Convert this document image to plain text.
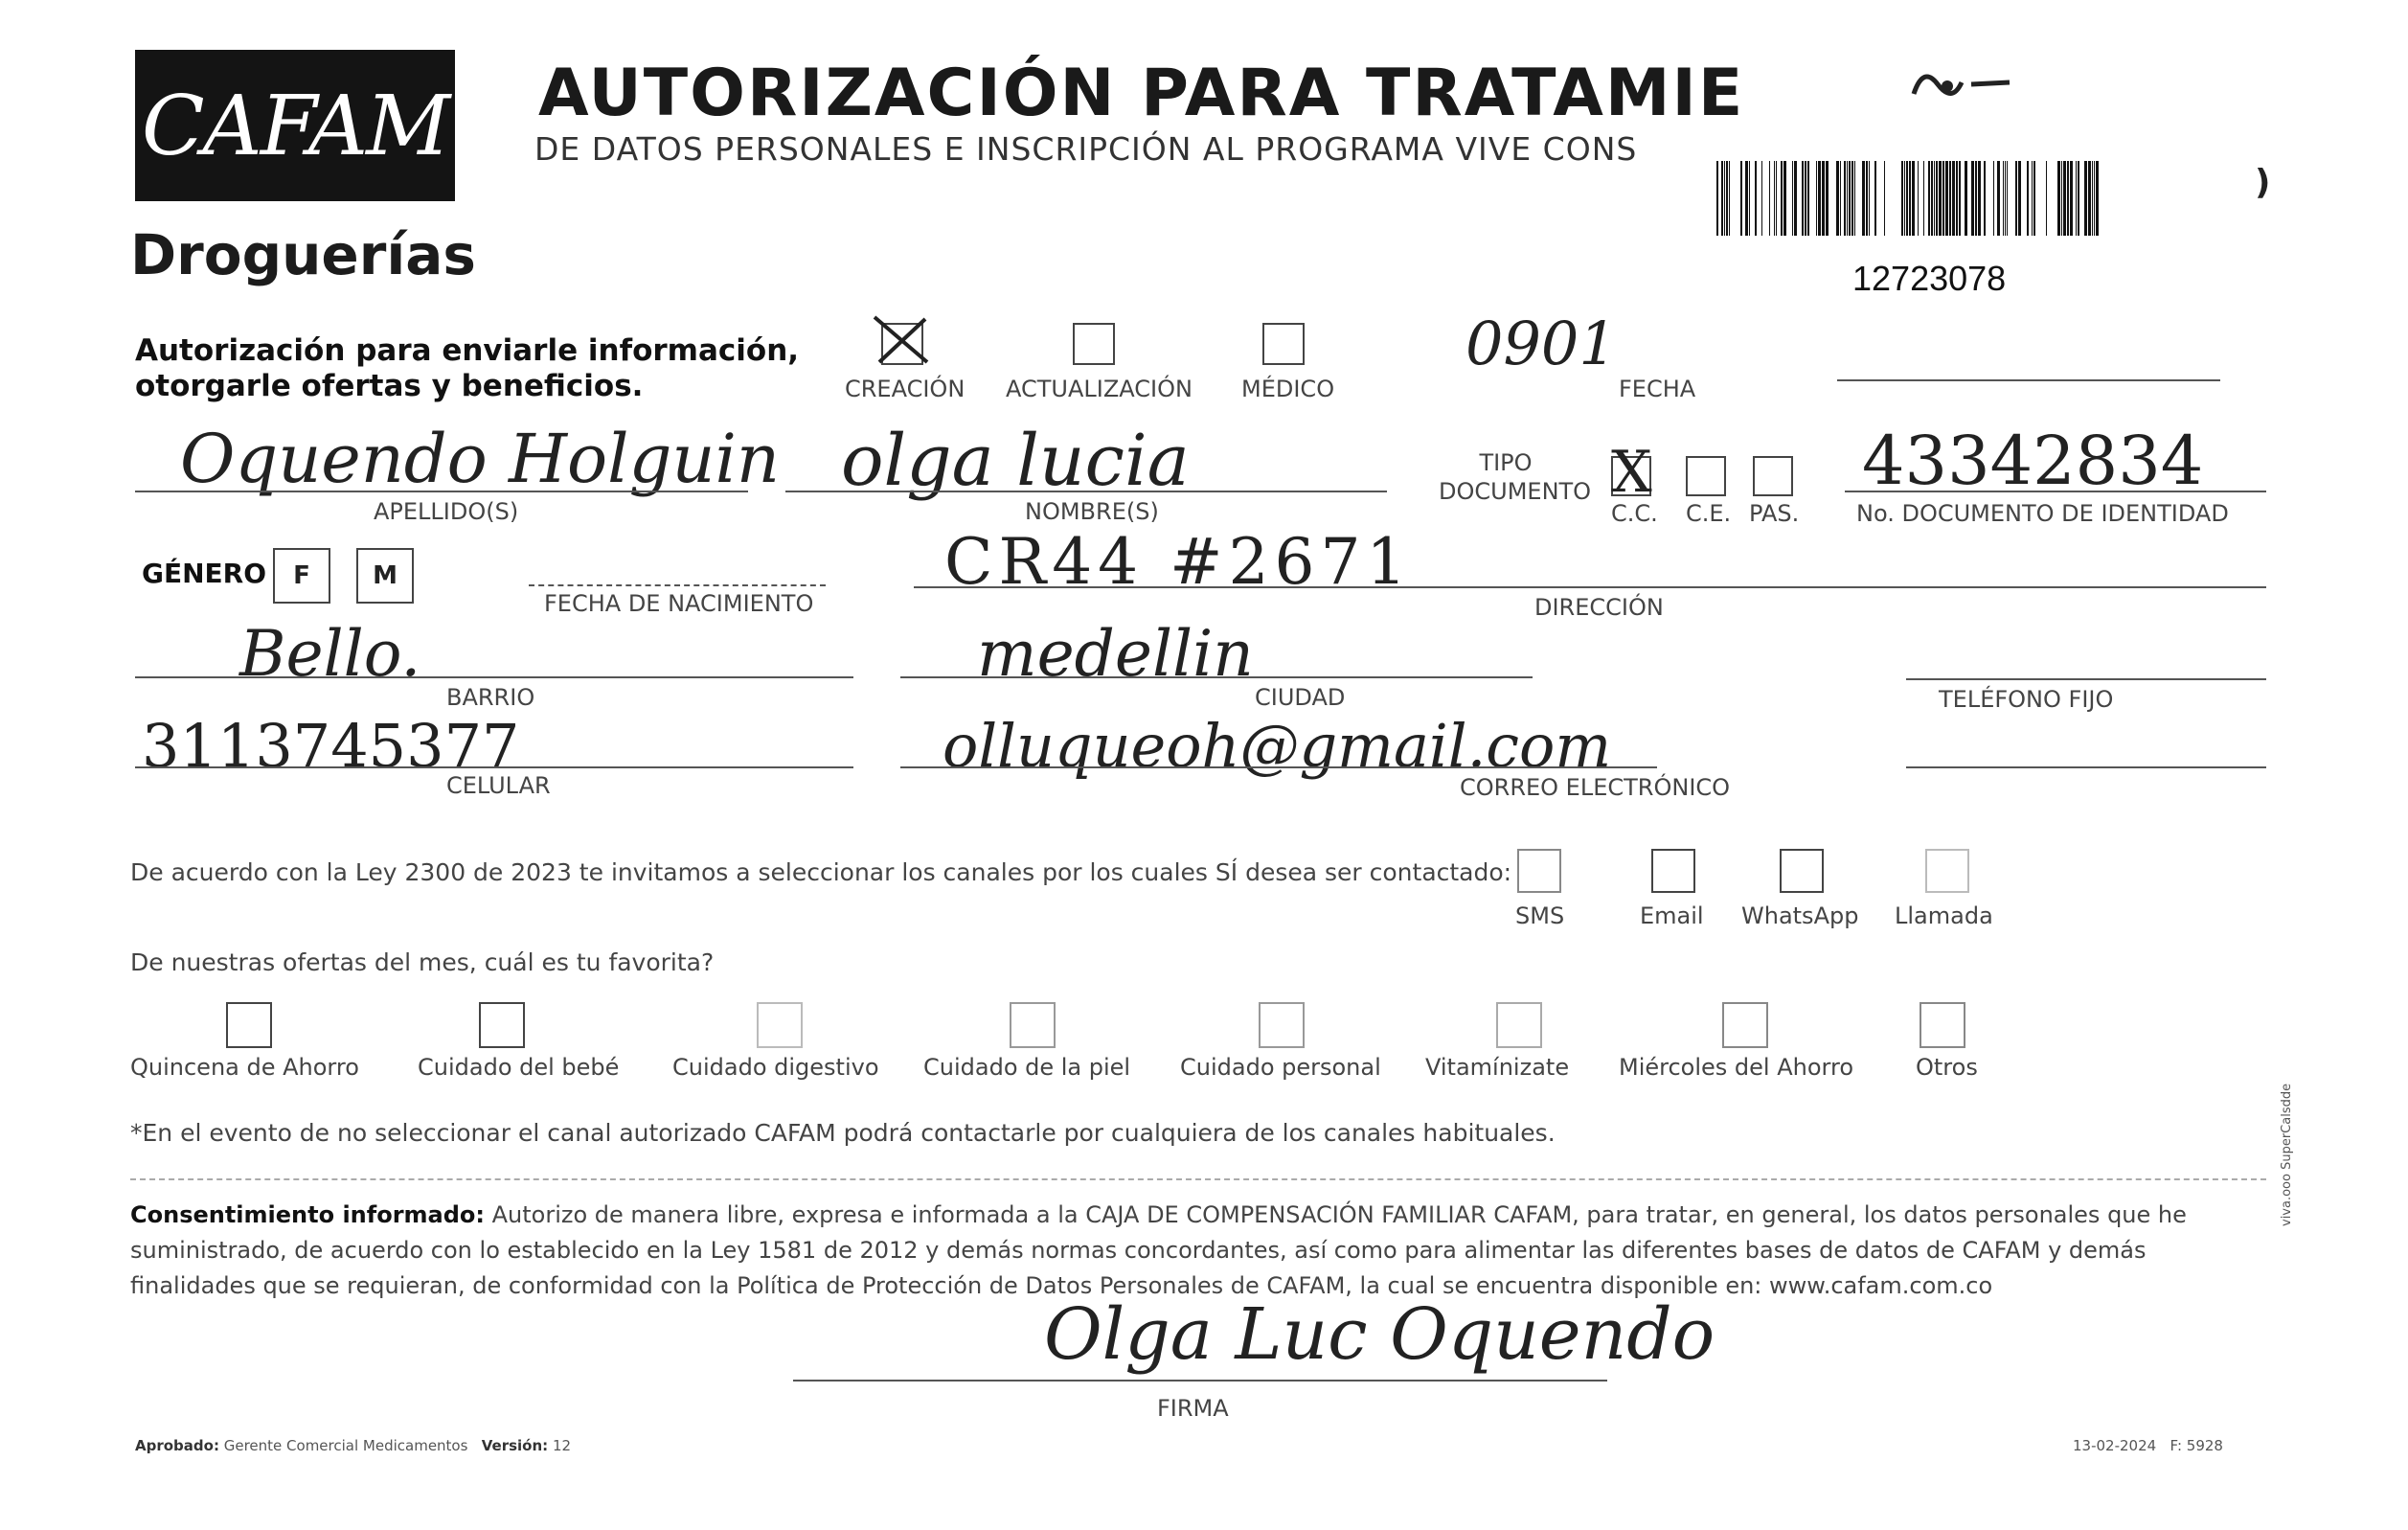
CAFAM
Droguerías
AUTORIZACIÓN PARA TRATAMIE
DE DATOS PERSONALES E INSCRIPCIÓN AL PROGRAMA VIVE CONS
12723078
)
Autorización para enviarle información,
otorgarle ofertas y beneficios.	CREACIÓN ACTUALIZACIÓN MÉDICO
0901
FECHA
Oquendo Holguin
APELLIDO(S)
olga lucia
NOMBRE(S)
TIPO DOCUMENTO X
C.C. C.E. PAS.
43342834
No. DOCUMENTO DE IDENTIDAD
GÉNERO	F	M
FECHA DE NACIMIENTO
CR44 #2671
DIRECCIÓN
Bello.
BARRIO
medellin
CIUDAD	TELÉFONO FIJO
3113745377
CELULAR
olluqueoh@gmail.com
CORREO ELECTRÓNICO
De acuerdo con la Ley 2300 de 2023 te invitamos a seleccionar los canales por los cuales SÍ desea ser contactado:
SMS	Email WhatsApp Llamada
De nuestras ofertas del mes, cuál es tu favorita?
Quincena de Ahorro	Cuidado del bebé Cuidado digestivo Cuidado de la piel Cuidado personal Vitamínizate Miércoles del Ahorro	Otros
*En el evento de no seleccionar el canal autorizado CAFAM podrá contactarle por cualquiera de los canales habituales.
Consentimiento informado: Autorizo de manera libre, expresa e informada a la CAJA DE COMPENSACIÓN FAMILIAR CAFAM, para tratar, en general, los datos personales que he
suministrado, de acuerdo con lo establecido en la Ley 1581 de 2012 y demás normas concordantes, así como para alimentar las diferentes bases de datos de CAFAM y demás
finalidades que se requieran, de conformidad con la Política de Protección de Datos Personales de CAFAM, la cual se encuentra disponible en: www.cafam.com.co
Olga Luc Oquendo
FIRMA
Aprobado: Gerente Comercial Medicamentos Versión: 12	13-02-2024 F: 5928
viva.ooo SuperCalsdde
